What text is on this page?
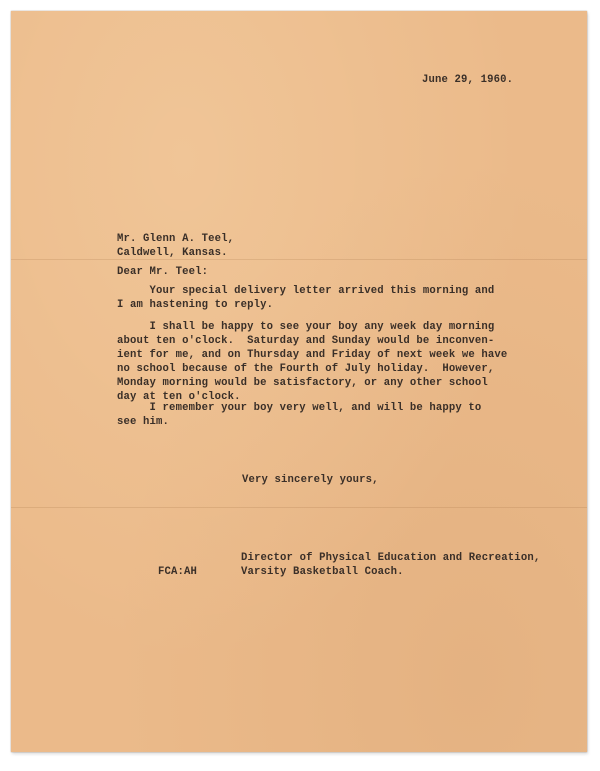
June 29, 1960.
Mr. Glenn A. Teel,
Caldwell, Kansas.
Dear Mr. Teel:
Your special delivery letter arrived this morning and
I am hastening to reply.
I shall be happy to see your boy any week day morning
about ten o'clock.  Saturday and Sunday would be inconven-
ient for me, and on Thursday and Friday of next week we have
no school because of the Fourth of July holiday.  However,
Monday morning would be satisfactory, or any other school
day at ten o'clock.
I remember your boy very well, and will be happy to
see him.
Very sincerely yours,
Director of Physical Education and Recreation,
FCA:AH	Varsity Basketball Coach.
